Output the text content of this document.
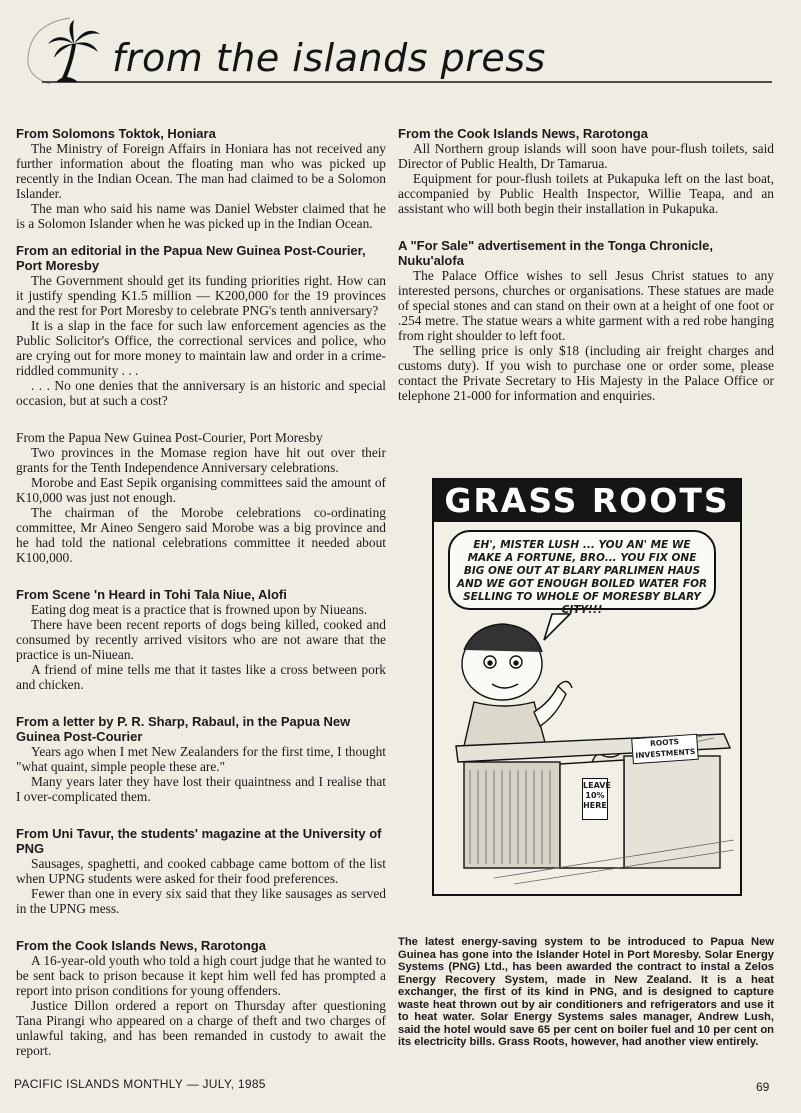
from the islands press

From Solomons Toktok, Honiara

The Ministry of Foreign Affairs in Honiara has not received any further information about the floating man who was picked up recently in the Indian Ocean. The man had claimed to be a Solomon Islander.

The man who said his name was Daniel Webster claimed that he is a Solomon Islander when he was picked up in the Indian Ocean.

From an editorial in the Papua New Guinea Post-Courier, Port Moresby

The Government should get its funding priorities right. How can it justify spending K1.5 million — K200,000 for the 19 provinces and the rest for Port Moresby to celebrate PNG's tenth anniversary?

It is a slap in the face for such law enforcement agencies as the Public Solicitor's Office, the correctional services and police, who are crying out for more money to maintain law and order in a crime-riddled community . . .

. . . No one denies that the anniversary is an historic and special occasion, but at such a cost?

From the Papua New Guinea Post-Courier, Port Moresby

Two provinces in the Momase region have hit out over their grants for the Tenth Independence Anniversary celebrations.

Morobe and East Sepik organising committees said the amount of K10,000 was just not enough.

The chairman of the Morobe celebrations co-ordinating committee, Mr Aineo Sengero said Morobe was a big province and he had told the national celebrations committee it needed about K100,000.

From Scene 'n Heard in Tohi Tala Niue, Alofi

Eating dog meat is a practice that is frowned upon by Niueans.

There have been recent reports of dogs being killed, cooked and consumed by recently arrived visitors who are not aware that the practice is un-Niuean.

A friend of mine tells me that it tastes like a cross between pork and chicken.

From a letter by P. R. Sharp, Rabaul, in the Papua New Guinea Post-Courier

Years ago when I met New Zealanders for the first time, I thought "what quaint, simple people these are."

Many years later they have lost their quaintness and I realise that I over-complicated them.

From Uni Tavur, the students' magazine at the University of PNG

Sausages, spaghetti, and cooked cabbage came bottom of the list when UPNG students were asked for their food preferences.

Fewer than one in every six said that they like sausages as served in the UPNG mess.

From the Cook Islands News, Rarotonga

A 16-year-old youth who told a high court judge that he wanted to be sent back to prison because it kept him well fed has prompted a report into prison conditions for young offenders.

Justice Dillon ordered a report on Thursday after questioning Tana Pirangi who appeared on a charge of theft and two charges of unlawful taking, and has been remanded in custody to await the report.

From the Cook Islands News, Rarotonga

All Northern group islands will soon have pour-flush toilets, said Director of Public Health, Dr Tamarua.

Equipment for pour-flush toilets at Pukapuka left on the last boat, accompanied by Public Health Inspector, Willie Teapa, and an assistant who will both begin their installation in Pukapuka.

A "For Sale" advertisement in the Tonga Chronicle, Nuku'alofa

The Palace Office wishes to sell Jesus Christ statues to any interested persons, churches or organisations. These statues are made of special stones and can stand on their own at a height of one foot or .254 metre. The statue wears a white garment with a red robe hanging from right shoulder to left foot.

The selling price is only $18 (including air freight charges and customs duty). If you wish to purchase one or order some, please contact the Private Secretary to His Majesty in the Palace Office or telephone 21-000 for information and enquiries.

GRASS ROOTS
EH', MISTER LUSH ... YOU AN' ME WE MAKE A FORTUNE, BRO... YOU FIX ONE BIG ONE OUT AT BLARY PARLIMEN HAUS AND WE GOT ENOUGH BOILED WATER FOR SELLING TO WHOLE OF MORESBY BLARY CITY!!!
ROOTS INVESTMENTS
LEAVE 10% HERE

The latest energy-saving system to be introduced to Papua New Guinea has gone into the Islander Hotel in Port Moresby. Solar Energy Systems (PNG) Ltd., has been awarded the contract to instal a Zelos Energy Recovery System, made in New Zealand. It is a heat exchanger, the first of its kind in PNG, and is designed to capture waste heat thrown out by air conditioners and refrigerators and use it to heat water. Solar Energy Systems sales manager, Andrew Lush, said the hotel would save 65 per cent on boiler fuel and 10 per cent on its electricity bills. Grass Roots, however, had another view entirely.

PACIFIC ISLANDS MONTHLY — JULY, 1985	69
